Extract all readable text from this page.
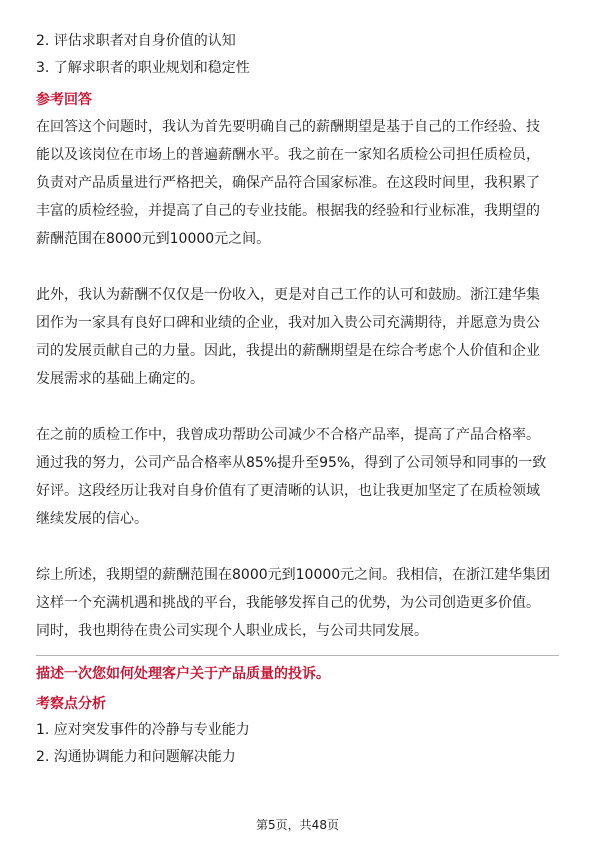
2. 评估求职者对自身价值的认知

3. 了解求职者的职业规划和稳定性

参考回答

在回答这个问题时，我认为首先要明确自己的薪酬期望是基于自己的工作经验、技

能以及该岗位在市场上的普遍薪酬水平。我之前在一家知名质检公司担任质检员，

负责对产品质量进行严格把关，确保产品符合国家标准。在这段时间里，我积累了

丰富的质检经验，并提高了自己的专业技能。根据我的经验和行业标准，我期望的

薪酬范围在8000元到10000元之间。

此外，我认为薪酬不仅仅是一份收入，更是对自己工作的认可和鼓励。浙江建华集

团作为一家具有良好口碑和业绩的企业，我对加入贵公司充满期待，并愿意为贵公

司的发展贡献自己的力量。因此，我提出的薪酬期望是在综合考虑个人价值和企业

发展需求的基础上确定的。

在之前的质检工作中，我曾成功帮助公司减少不合格产品率，提高了产品合格率。

通过我的努力，公司产品合格率从85%提升至95%，得到了公司领导和同事的一致

好评。这段经历让我对自身价值有了更清晰的认识，也让我更加坚定了在质检领域

继续发展的信心。

综上所述，我期望的薪酬范围在8000元到10000元之间。我相信，在浙江建华集团

这样一个充满机遇和挑战的平台，我能够发挥自己的优势，为公司创造更多价值。

同时，我也期待在贵公司实现个人职业成长，与公司共同发展。

描述一次您如何处理客户关于产品质量的投诉。

考察点分析

1. 应对突发事件的冷静与专业能力

2. 沟通协调能力和问题解决能力

第5页，共48页
